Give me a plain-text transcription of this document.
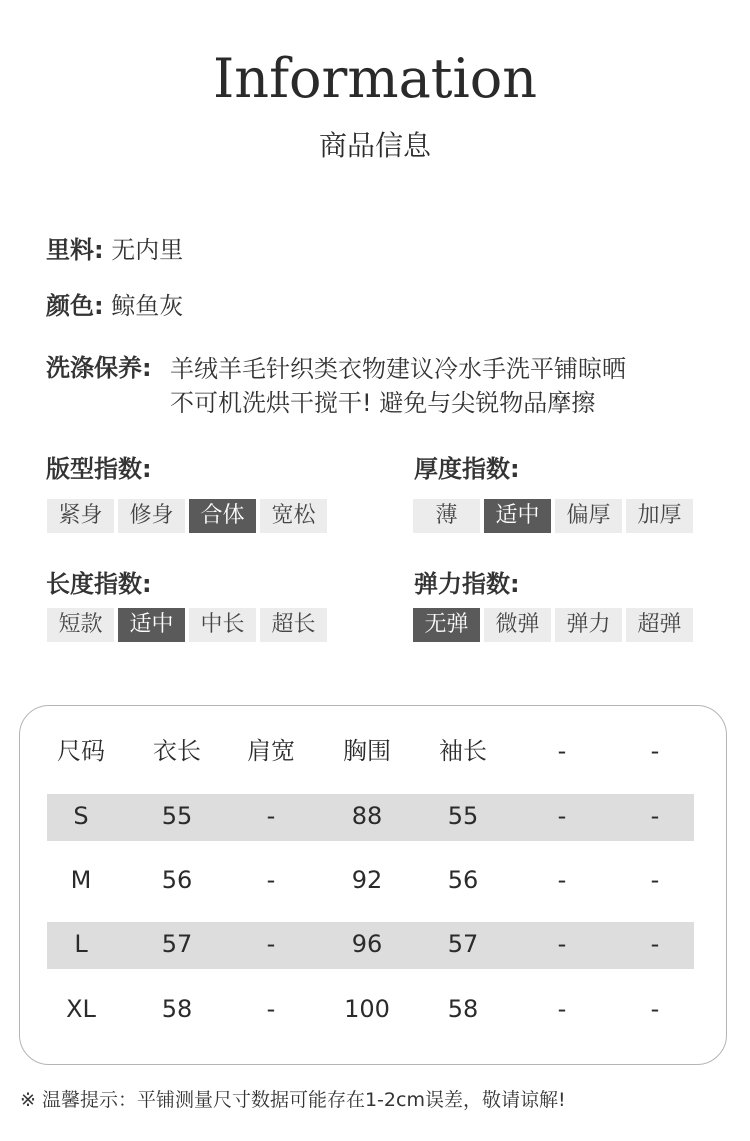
Information
商品信息
里料: 无内里
颜色: 鲸鱼灰
洗涤保养: 羊绒羊毛针织类衣物建议冷水手洗平铺晾晒
不可机洗烘干搅干! 避免与尖锐物品摩擦
版型指数:
紧身	修身	合体	宽松
厚度指数:
薄	适中	偏厚	加厚
长度指数:
短款	适中	中长	超长
弹力指数:
无弹	微弹	弹力	超弹
尺码	衣长	肩宽	胸围	袖长	-	-
S	55	-	88	55	-	-
M	56	-	92	56	-	-
L	57	-	96	57	-	-
XL	58	-	100	58	-	-
※ 温馨提示：平铺测量尺寸数据可能存在1-2cm误差，敬请谅解!
